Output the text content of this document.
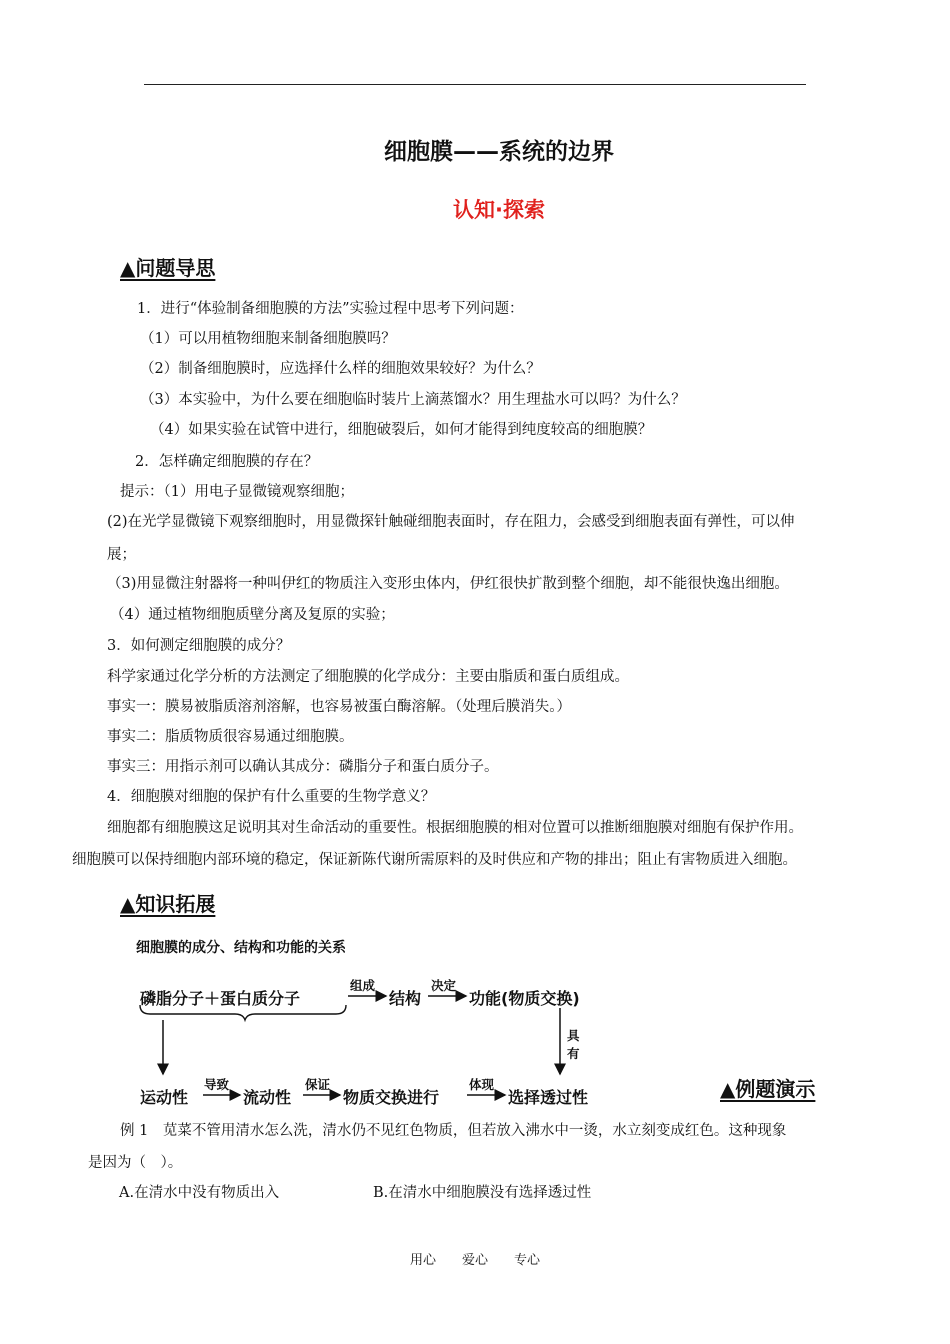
细胞膜——系统的边界
认知·探索
▲问题导思
1．进行“体验制备细胞膜的方法”实验过程中思考下列问题：
（1）可以用植物细胞来制备细胞膜吗？
（2）制备细胞膜时，应选择什么样的细胞效果较好？为什么？
（3）本实验中，为什么要在细胞临时装片上滴蒸馏水？用生理盐水可以吗？为什么？
（4）如果实验在试管中进行，细胞破裂后，如何才能得到纯度较高的细胞膜？
2．怎样确定细胞膜的存在？
提示：（1）用电子显微镜观察细胞；
(2)在光学显微镜下观察细胞时，用显微探针触碰细胞表面时，存在阻力，会感受到细胞表面有弹性，可以伸
展；
（3)用显微注射器将一种叫伊红的物质注入变形虫体内，伊红很快扩散到整个细胞，却不能很快逸出细胞。
（4）通过植物细胞质壁分离及复原的实验；
3．如何测定细胞膜的成分？
科学家通过化学分析的方法测定了细胞膜的化学成分：主要由脂质和蛋白质组成。
事实一：膜易被脂质溶剂溶解，也容易被蛋白酶溶解。（处理后膜消失。）
事实二：脂质物质很容易通过细胞膜。
事实三：用指示剂可以确认其成分：磷脂分子和蛋白质分子。
4．细胞膜对细胞的保护有什么重要的生物学意义？
细胞都有细胞膜这足说明其对生命活动的重要性。根据细胞膜的相对位置可以推断细胞膜对细胞有保护作用。
细胞膜可以保持细胞内部环境的稳定，保证新陈代谢所需原料的及时供应和产物的排出；阻止有害物质进入细胞。
▲知识拓展
细胞膜的成分、结构和功能的关系
磷脂分子＋蛋白质分子
组成
结构
决定
功能(物质交换)
具
有
运动性
导致
流动性
保证
物质交换进行
体现
选择透过性	▲例题演示
例 1　苋菜不管用清水怎么洗，清水仍不见红色物质，但若放入沸水中一烫，水立刻变成红色。这种现象
是因为（　）。
A.在清水中没有物质出入	B.在清水中细胞膜没有选择透过性
用心　　爱心　　专心
